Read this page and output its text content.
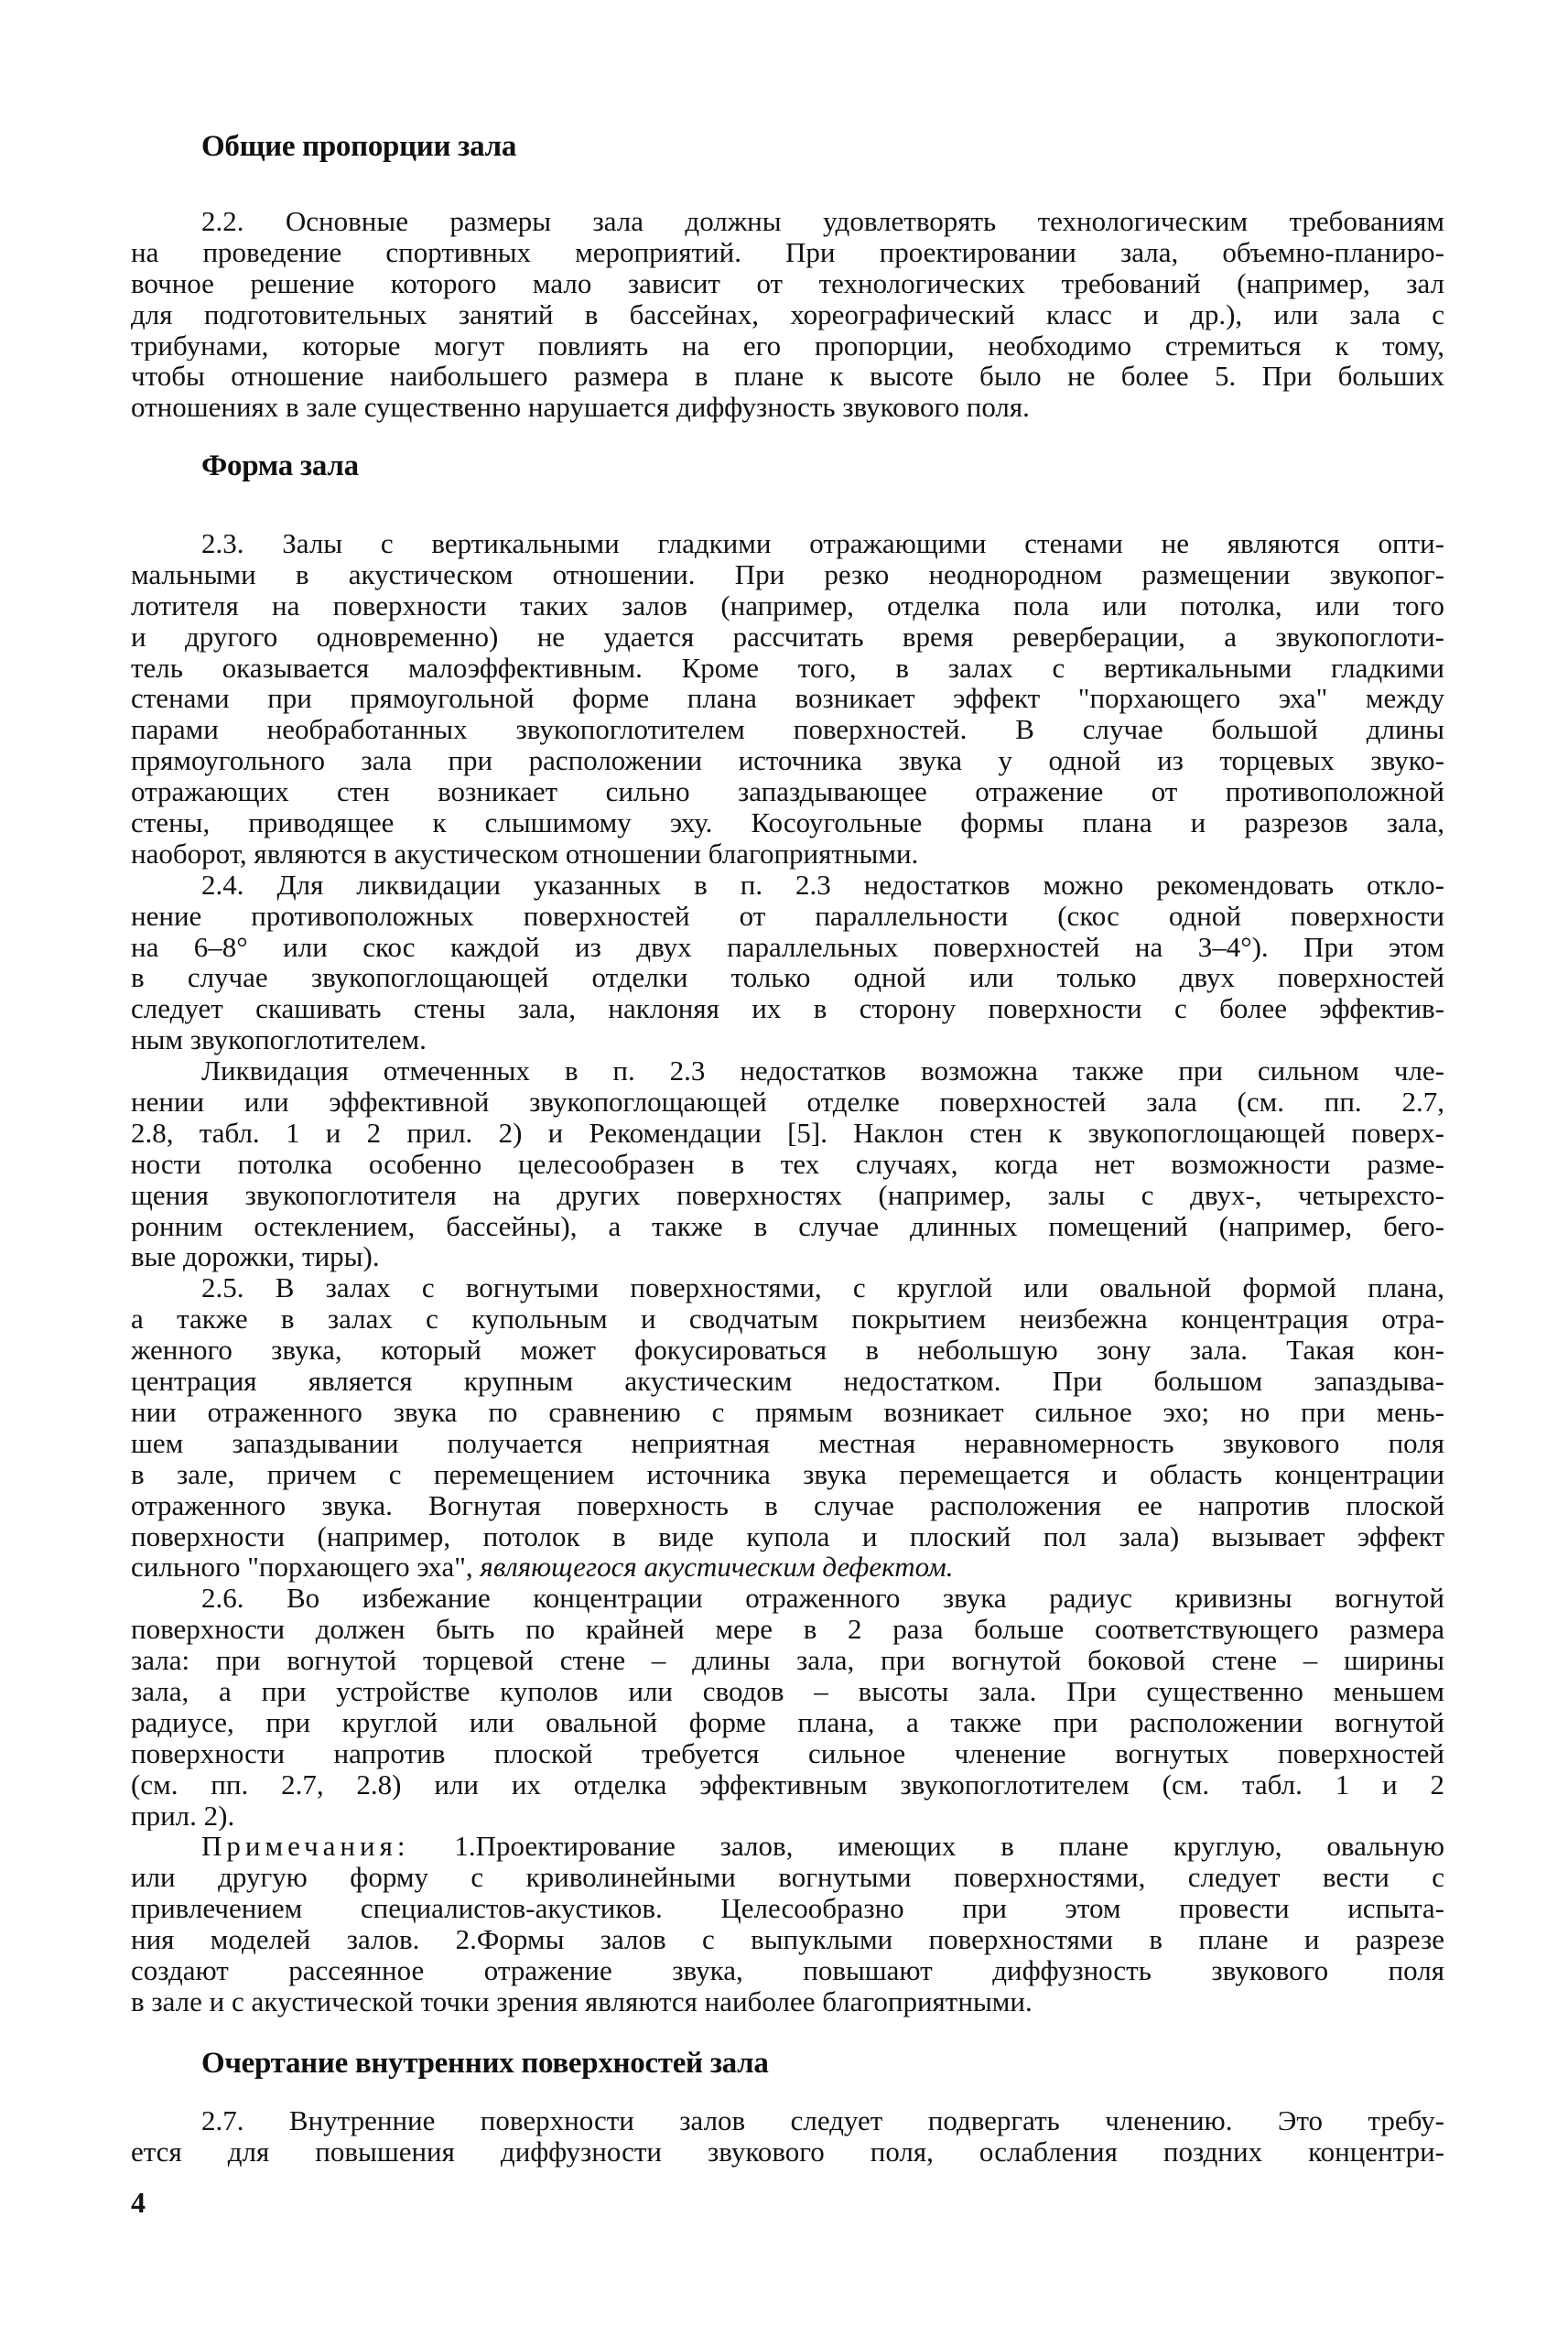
Общие пропорции зала
2.2. Основные размеры зала должны удовлетворять технологическим требованиям
на проведение спортивных мероприятий. При проектировании зала, объемно-планиро-
вочное решение которого мало зависит от технологических требований (например, зал
для подготовительных занятий в бассейнах, хореографический класс и др.), или зала с
трибунами, которые могут повлиять на его пропорции, необходимо стремиться к тому,
чтобы отношение наибольшего размера в плане к высоте было не более 5. При больших
отношениях в зале существенно нарушается диффузность звукового поля.
Форма зала
2.3. Залы с вертикальными гладкими отражающими стенами не являются опти-
мальными в акустическом отношении. При резко неоднородном размещении звукопог-
лотителя на поверхности таких залов (например, отделка пола или потолка, или того
и другого одновременно) не удается рассчитать время реверберации, а звукопоглоти-
тель оказывается малоэффективным. Кроме того, в залах с вертикальными гладкими
стенами при прямоугольной форме плана возникает эффект "порхающего эха" между
парами необработанных звукопоглотителем поверхностей. В случае большой длины
прямоугольного зала при расположении источника звука у одной из торцевых звуко-
отражающих стен возникает сильно запаздывающее отражение от противоположной
стены, приводящее к слышимому эху. Косоугольные формы плана и разрезов зала,
наоборот, являются в акустическом отношении благоприятными.
2.4. Для ликвидации указанных в п. 2.3 недостатков можно рекомендовать откло-
нение противоположных поверхностей от параллельности (скос одной поверхности
на 6–8° или скос каждой из двух параллельных поверхностей на 3–4°). При этом
в случае звукопоглощающей отделки только одной или только двух поверхностей
следует скашивать стены зала, наклоняя их в сторону поверхности с более эффектив-
ным звукопоглотителем.
Ликвидация отмеченных в п. 2.3 недостатков возможна также при сильном чле-
нении или эффективной звукопоглощающей отделке поверхностей зала (см. пп. 2.7,
2.8, табл. 1 и 2 прил. 2) и Рекомендации [5]. Наклон стен к звукопоглощающей поверх-
ности потолка особенно целесообразен в тех случаях, когда нет возможности разме-
щения звукопоглотителя на других поверхностях (например, залы с двух-, четырехсто-
ронним остеклением, бассейны), а также в случае длинных помещений (например, бего-
вые дорожки, тиры).
2.5. В залах с вогнутыми поверхностями, с круглой или овальной формой плана,
а также в залах с купольным и сводчатым покрытием неизбежна концентрация отра-
женного звука, который может фокусироваться в небольшую зону зала. Такая кон-
центрация является крупным акустическим недостатком. При большом запаздыва-
нии отраженного звука по сравнению с прямым возникает сильное эхо; но при мень-
шем запаздывании получается неприятная местная неравномерность звукового поля
в зале, причем с перемещением источника звука перемещается и область концентрации
отраженного звука. Вогнутая поверхность в случае расположения ее напротив плоской
поверхности (например, потолок в виде купола и плоский пол зала) вызывает эффект
сильного "порхающего эха", являющегося акустическим дефектом.
2.6. Во избежание концентрации отраженного звука радиус кривизны вогнутой
поверхности должен быть по крайней мере в 2 раза больше соответствующего размера
зала: при вогнутой торцевой стене – длины зала, при вогнутой боковой стене – ширины
зала, а при устройстве куполов или сводов – высоты зала. При существенно меньшем
радиусе, при круглой или овальной форме плана, а также при расположении вогнутой
поверхности напротив плоской требуется сильное членение вогнутых поверхностей
(см. пп. 2.7, 2.8) или их отделка эффективным звукопоглотителем (см. табл. 1 и 2
прил. 2).
Примечания: 1.Проектирование залов, имеющих в плане круглую, овальную
или другую форму с криволинейными вогнутыми поверхностями, следует вести с
привлечением специалистов-акустиков. Целесообразно при этом провести испыта-
ния моделей залов. 2.Формы залов с выпуклыми поверхностями в плане и разрезе
создают рассеянное отражение звука, повышают диффузность звукового поля
в зале и с акустической точки зрения являются наиболее благоприятными.
Очертание внутренних поверхностей зала
2.7. Внутренние поверхности залов следует подвергать членению. Это требу-
ется для повышения диффузности звукового поля, ослабления поздних концентри-
4
